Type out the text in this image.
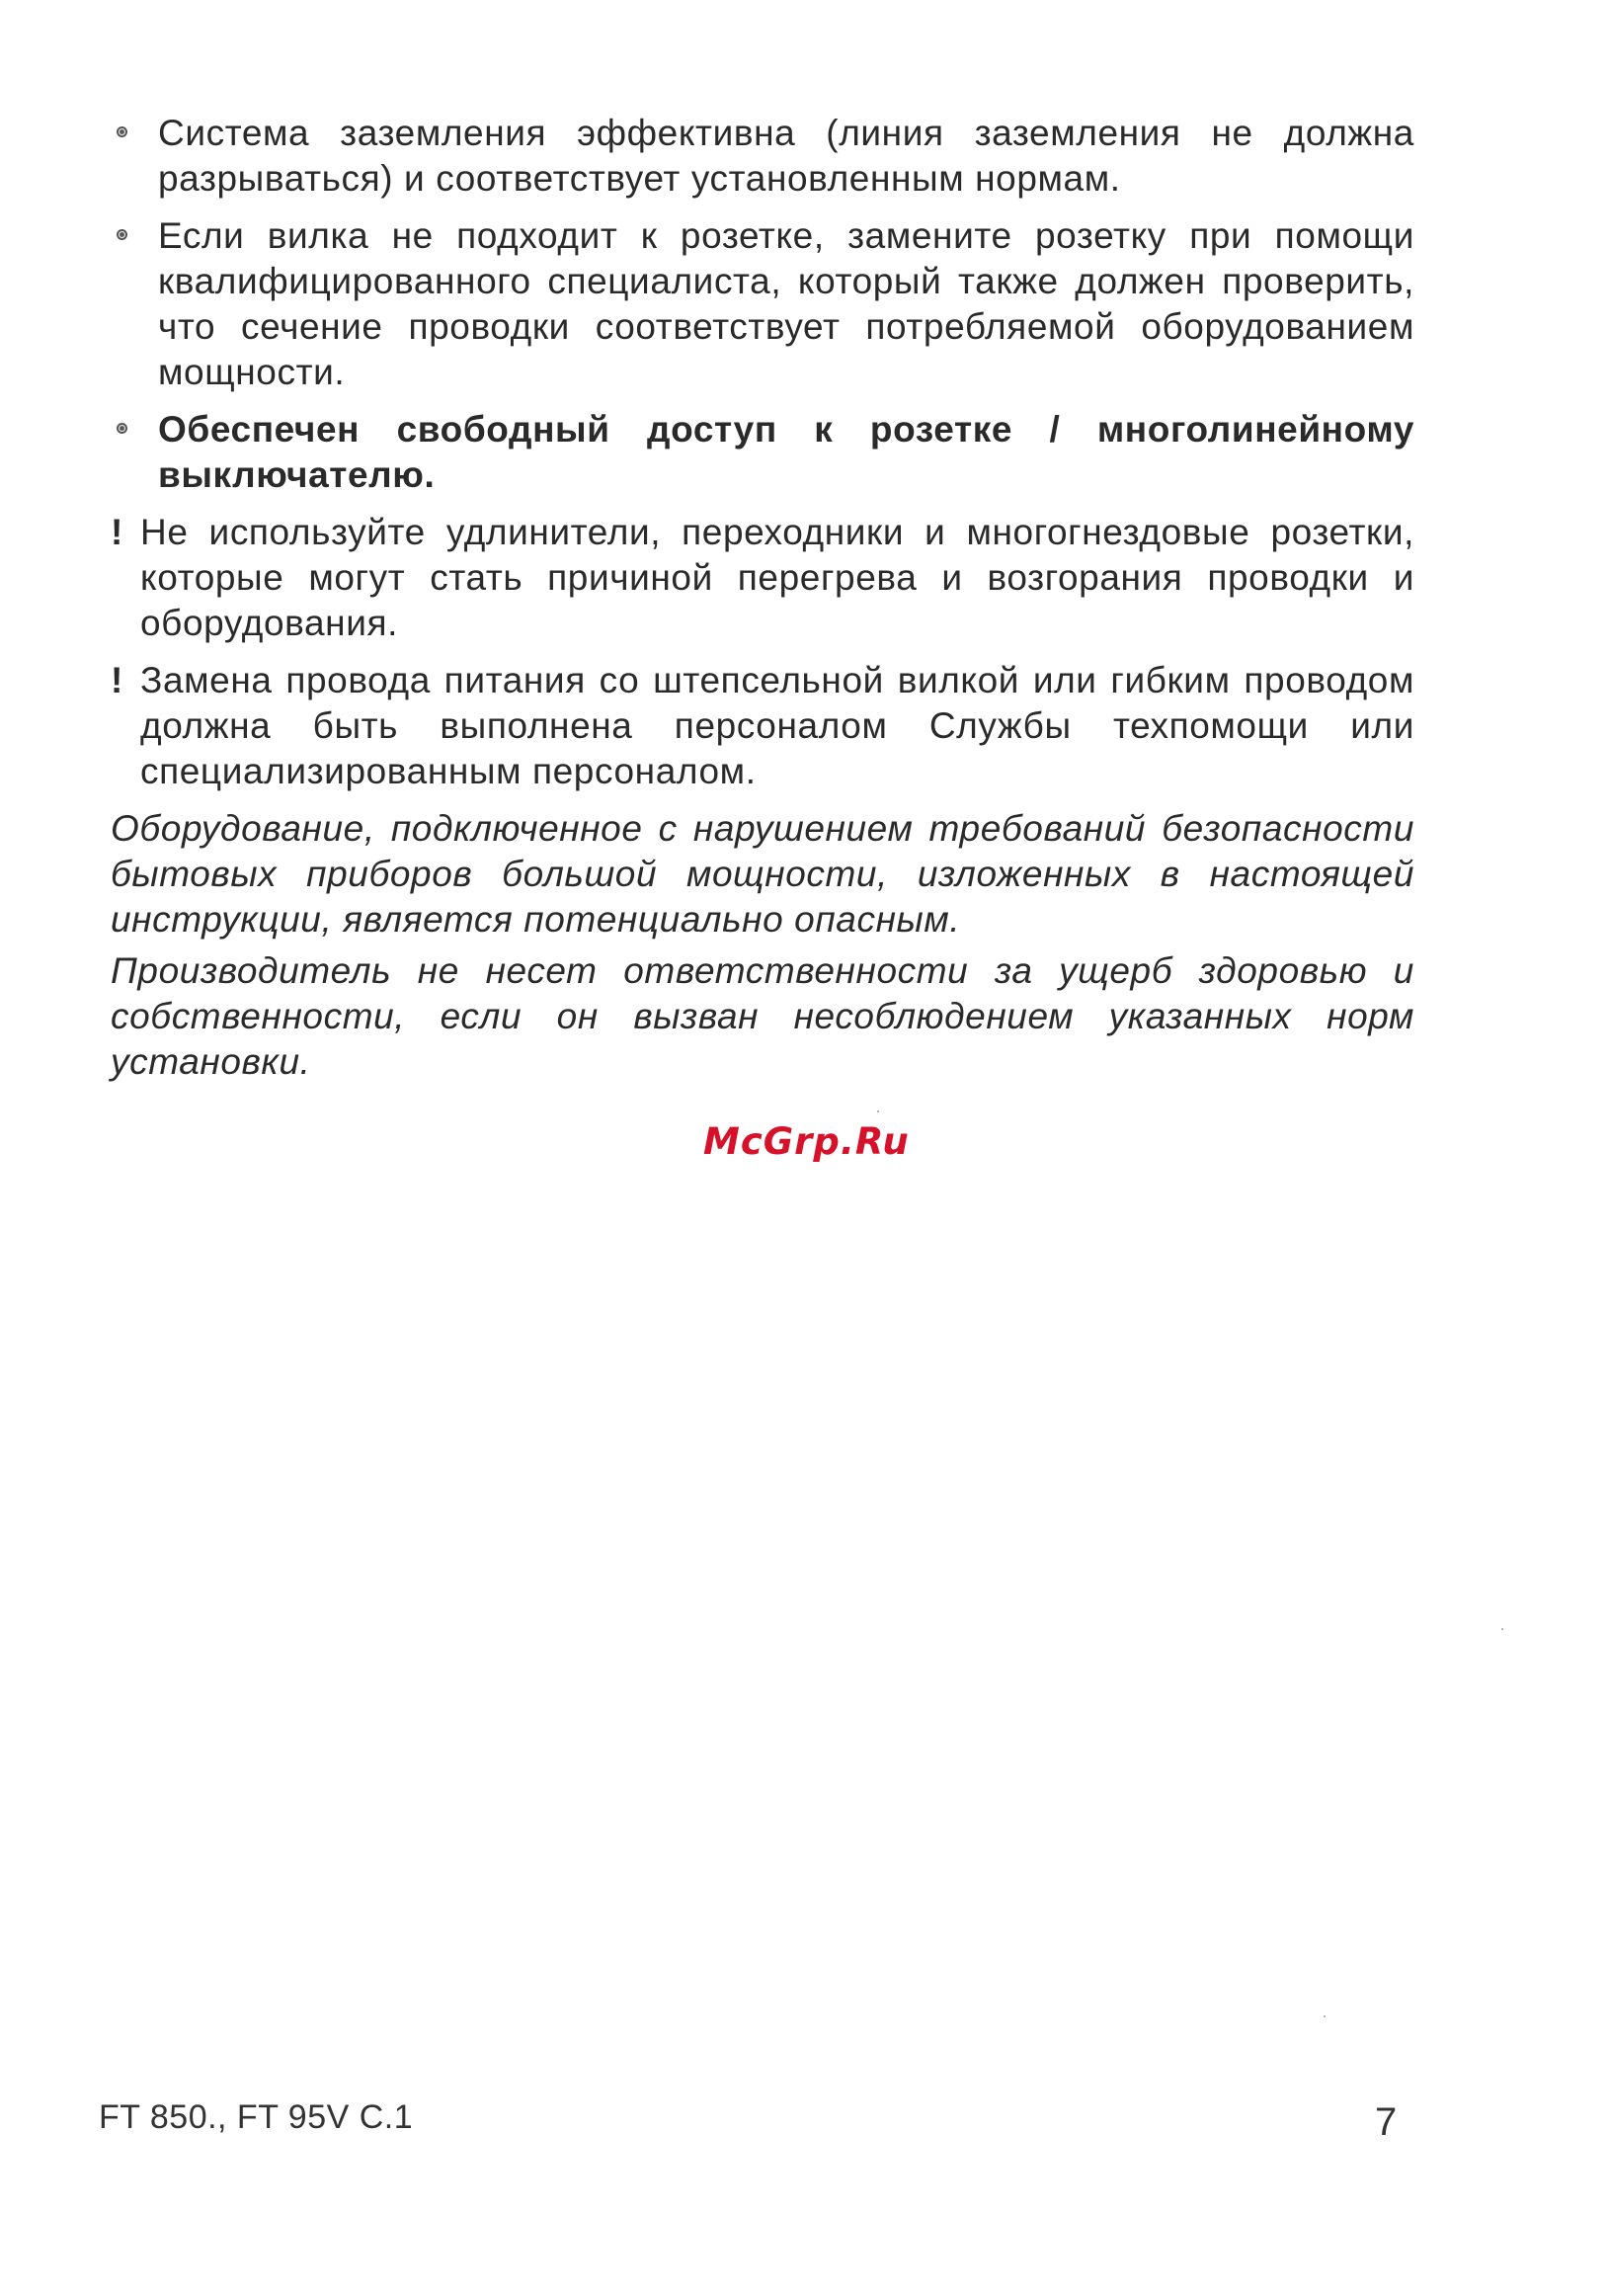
Система заземления эффективна (линия заземления не должна разрываться) и соответствует установленным нормам.

Если вилка не подходит к розетке, замените розетку при помощи квалифицированного специалиста, который также должен проверить, что сечение проводки соответствует потребляемой оборудованием мощности.

Обеспечен свободный доступ к розетке / многолинейному выключателю.

! Не используйте удлинители, переходники и многогнездовые розетки, которые могут стать причиной перегрева и возгорания проводки и оборудования.

! Замена провода питания со штепсельной вилкой или гибким проводом должна быть выполнена персоналом Службы техпомощи или специализированным персоналом.

Оборудование, подключенное с нарушением требований безопасности бытовых приборов большой мощности, изложенных в настоящей инструкции, является потенциально опасным.

Производитель не несет ответственности за ущерб здоровью и собственности, если он вызван несоблюдением указанных норм установки.

McGrp.Ru
FT 850., FT 95V C.1	7
